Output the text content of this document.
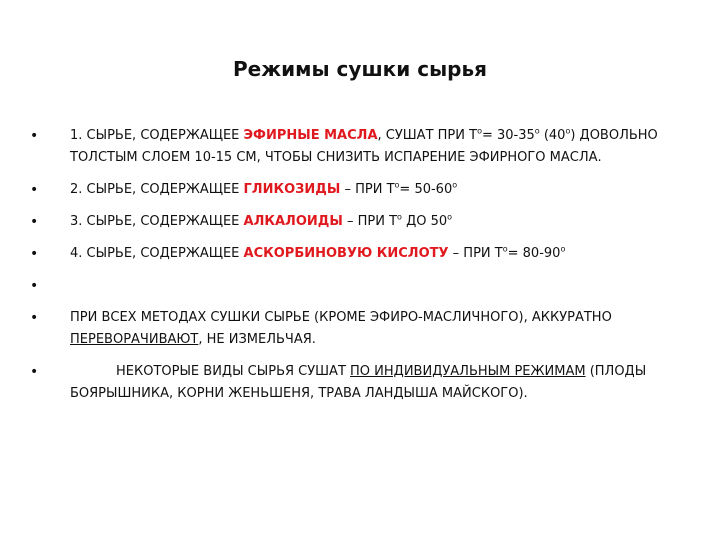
Режимы сушки сырья
• 1. СЫРЬЕ, СОДЕРЖАЩЕЕ ЭФИРНЫЕ МАСЛА, СУШАТ ПРИ $Т^о= 30-35^о$ $(40^о)$ ДОВОЛЬНО ТОЛСТЫМ СЛОЕМ 10-15 СМ, ЧТОБЫ СНИЗИТЬ ИСПАРЕНИЕ ЭФИРНОГО МАСЛА.
• 2. СЫРЬЕ, СОДЕРЖАЩЕЕ ГЛИКОЗИДЫ – ПРИ $Т^о= 50-60^о$
• 3. СЫРЬЕ, СОДЕРЖАЩЕЕ АЛКАЛОИДЫ – ПРИ $Т^о$ ДО $50^о$
• 4. СЫРЬЕ, СОДЕРЖАЩЕЕ АСКОРБИНОВУЮ КИСЛОТУ – ПРИ $Т^о= 80-90^о$
•
• ПРИ ВСЕХ МЕТОДАХ СУШКИ СЫРЬЕ (КРОМЕ ЭФИРО-МАСЛИЧНОГО), АККУРАТНО ПЕРЕВОРАЧИВАЮТ, НЕ ИЗМЕЛЬЧАЯ.
•	НЕКОТОРЫЕ ВИДЫ СЫРЬЯ СУШАТ ПО ИНДИВИДУАЛЬНЫМ РЕЖИМАМ (ПЛОДЫ БОЯРЫШНИКА, КОРНИ ЖЕНЬШЕНЯ, ТРАВА ЛАНДЫША МАЙСКОГО).
